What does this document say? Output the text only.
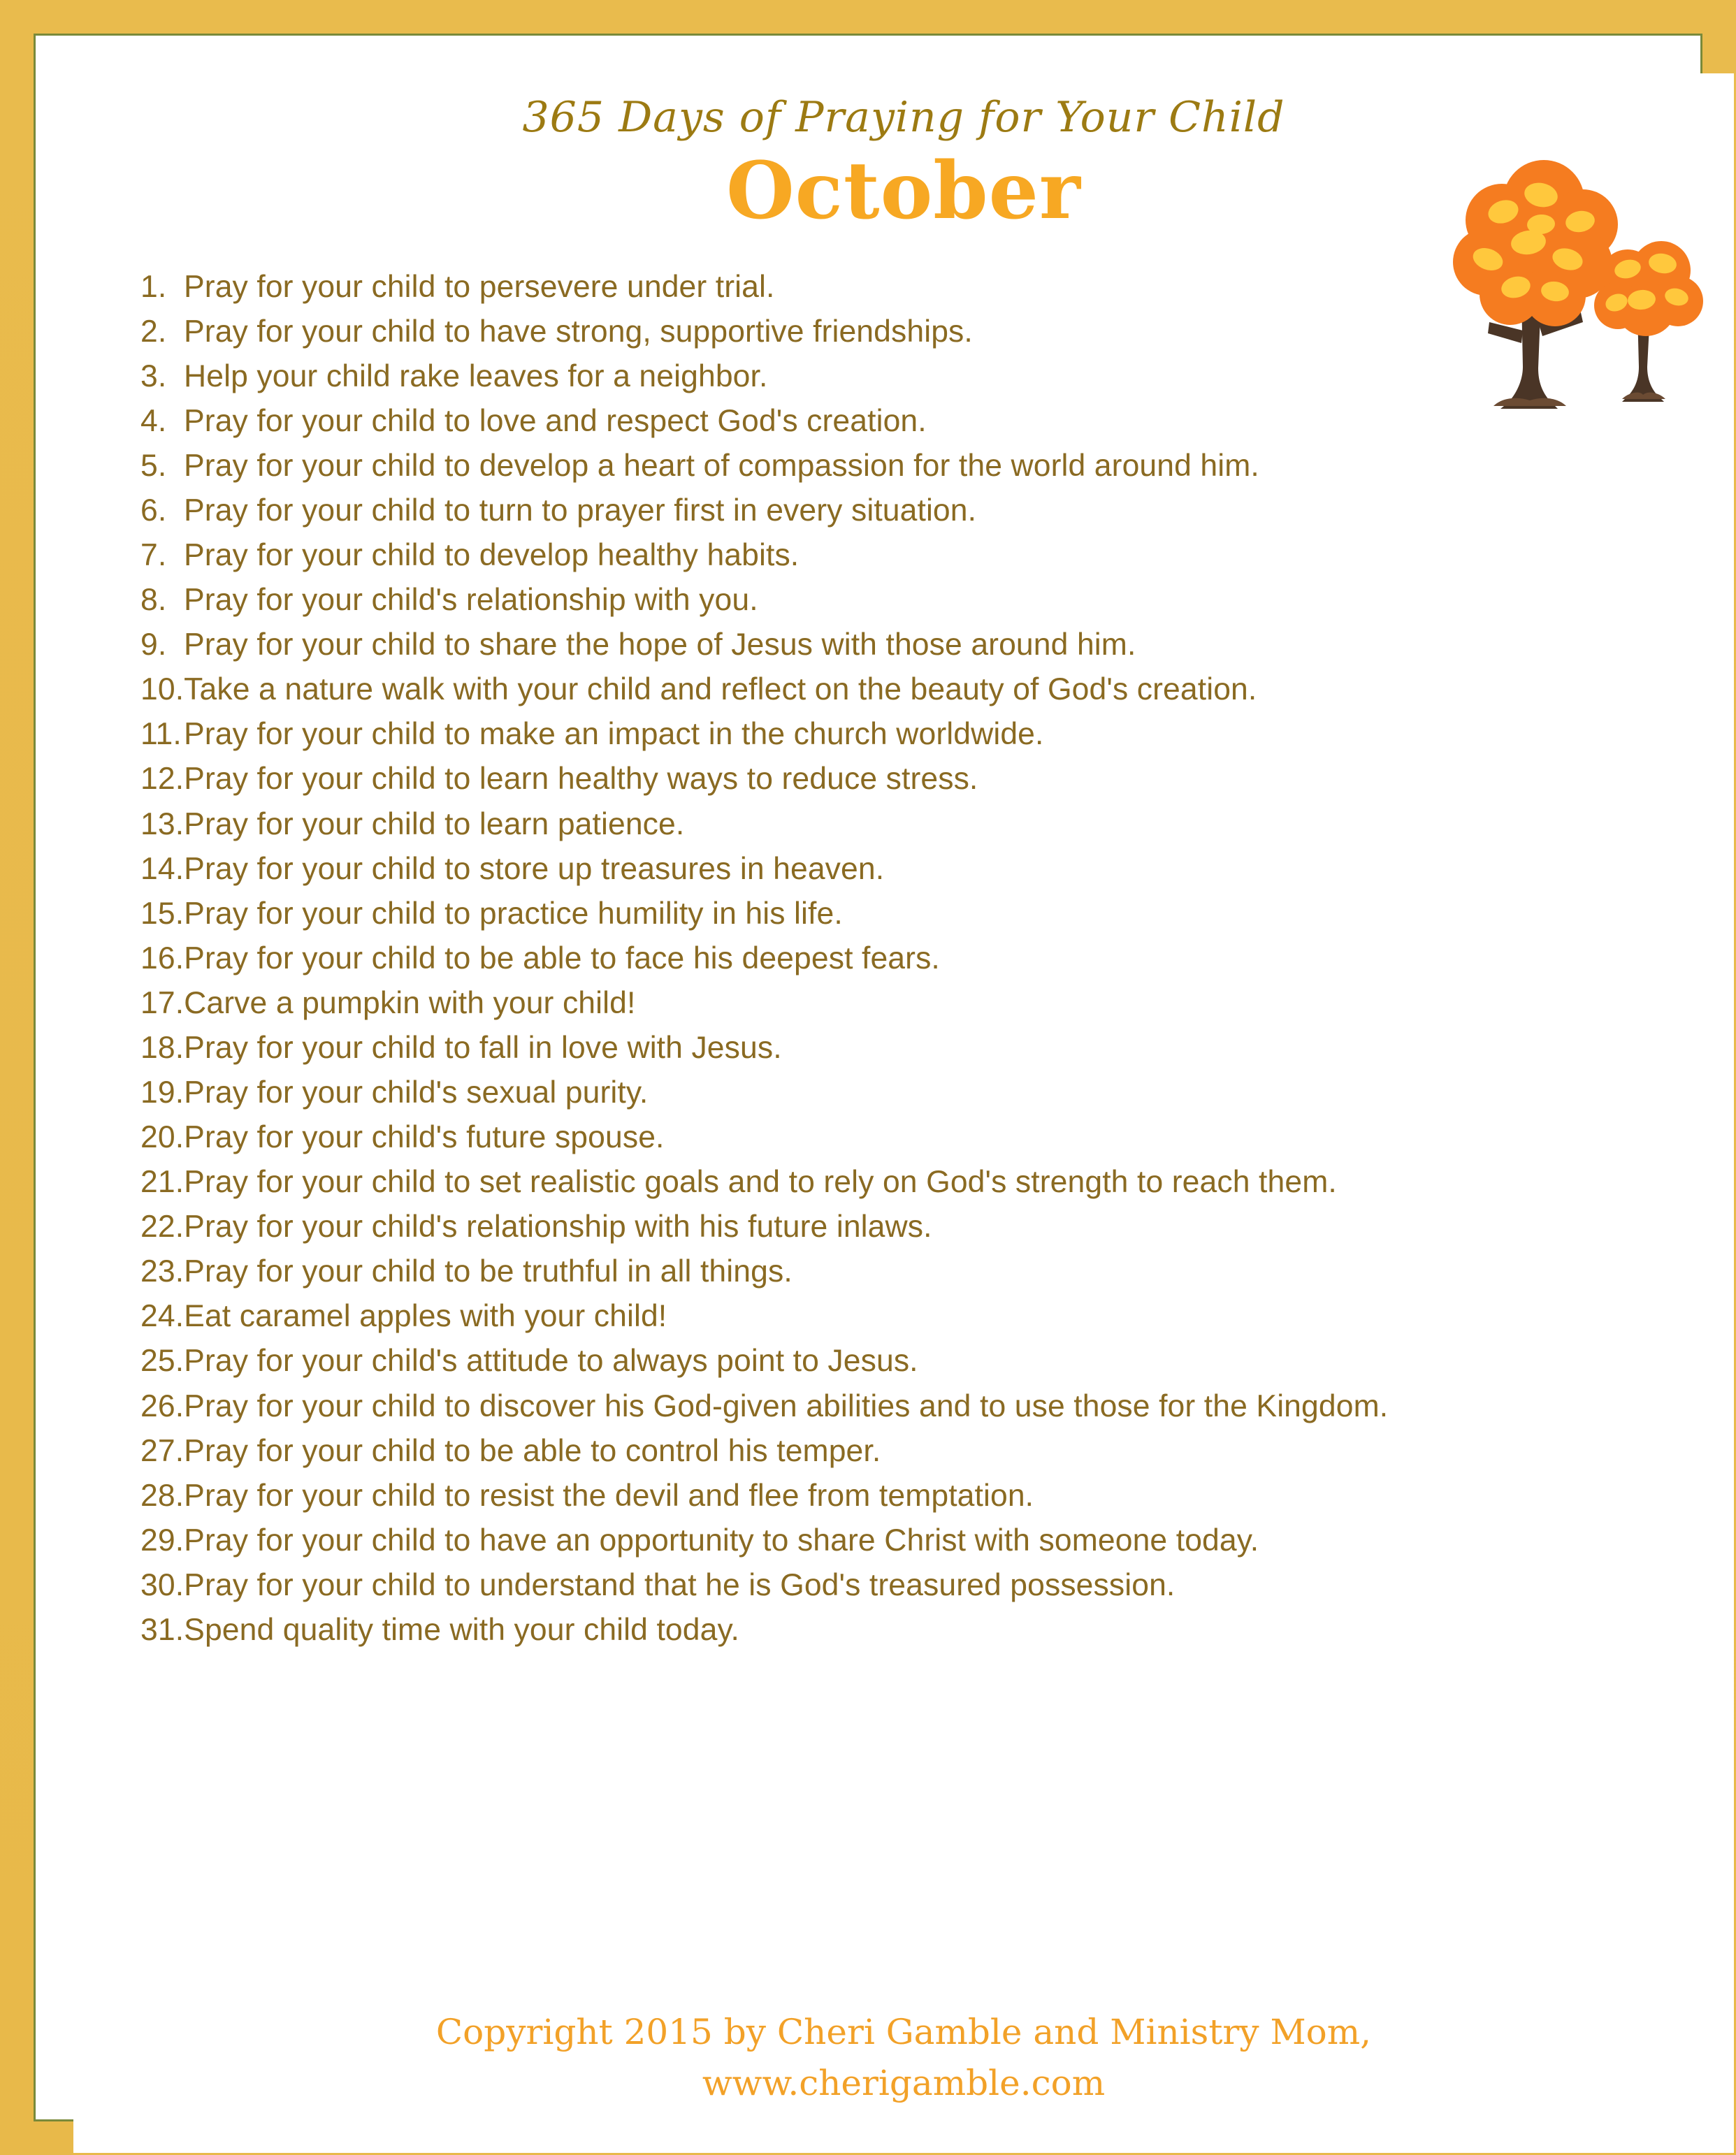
365 Days of Praying for Your Child
October
1. Pray for your child to persevere under trial.
2. Pray for your child to have strong, supportive friendships.
3. Help your child rake leaves for a neighbor.
4. Pray for your child to love and respect God's creation.
5. Pray for your child to develop a heart of compassion for the world around him.
6. Pray for your child to turn to prayer first in every situation.
7. Pray for your child to develop healthy habits.
8. Pray for your child's relationship with you.
9. Pray for your child to share the hope of Jesus with those around him.
10. Take a nature walk with your child and reflect on the beauty of God's creation.
11. Pray for your child to make an impact in the church worldwide.
12. Pray for your child to learn healthy ways to reduce stress.
13. Pray for your child to learn patience.
14. Pray for your child to store up treasures in heaven.
15. Pray for your child to practice humility in his life.
16. Pray for your child to be able to face his deepest fears.
17. Carve a pumpkin with your child!
18. Pray for your child to fall in love with Jesus.
19. Pray for your child's sexual purity.
20. Pray for your child's future spouse.
21. Pray for your child to set realistic goals and to rely on God's strength to reach them.
22. Pray for your child's relationship with his future inlaws.
23. Pray for your child to be truthful in all things.
24. Eat caramel apples with your child!
25. Pray for your child's attitude to always point to Jesus.
26. Pray for your child to discover his God-given abilities and to use those for the Kingdom.
27. Pray for your child to be able to control his temper.
28. Pray for your child to resist the devil and flee from temptation.
29. Pray for your child to have an opportunity to share Christ with someone today.
30. Pray for your child to understand that he is God's treasured possession.
31. Spend quality time with your child today.
Copyright 2015 by Cheri Gamble and Ministry Mom,
www.cherigamble.com
